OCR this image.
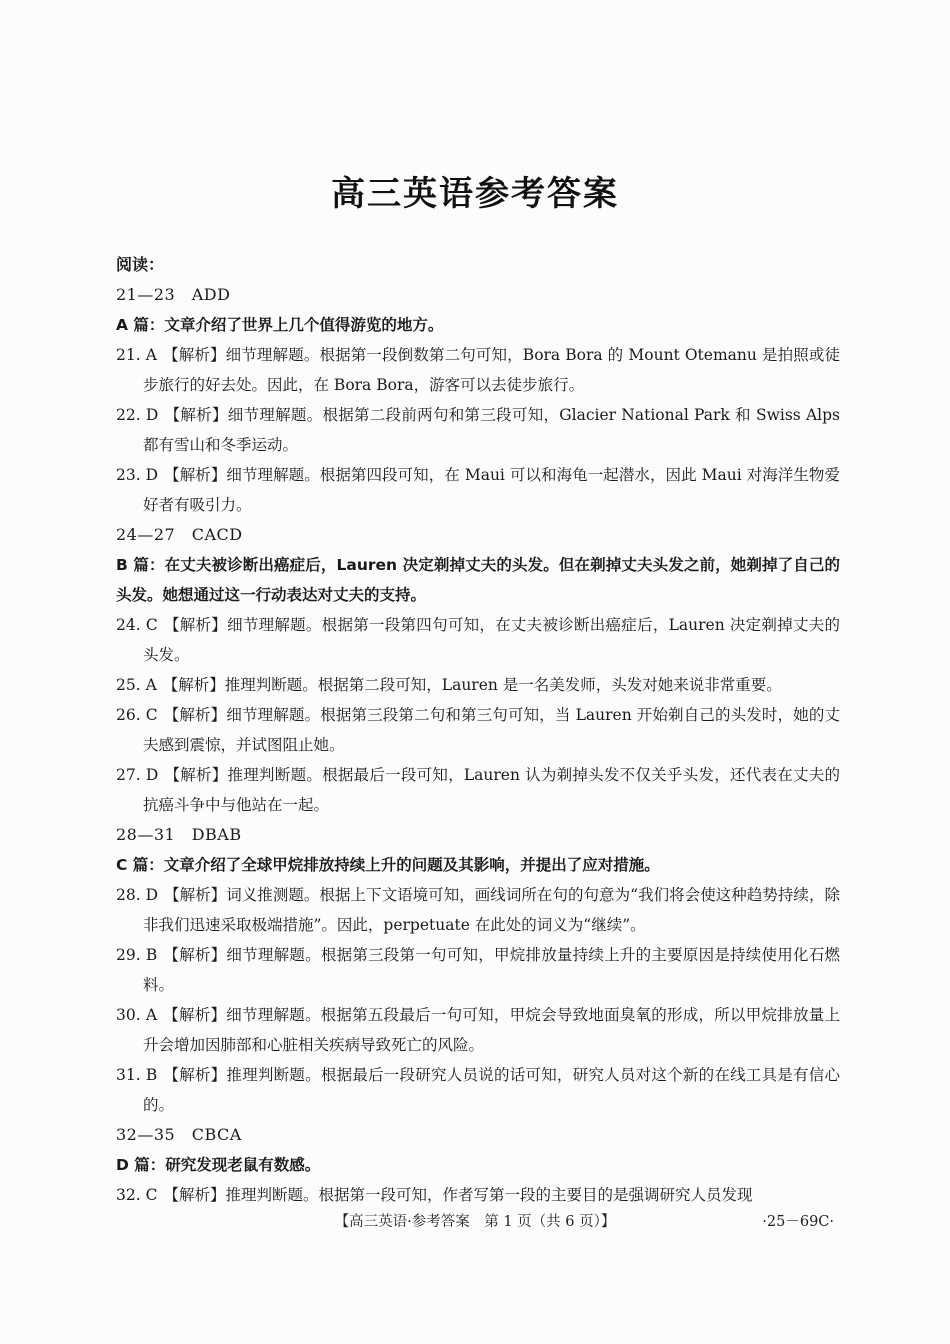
高三英语参考答案

阅读：

21—23　ADD

A 篇：文章介绍了世界上几个值得游览的地方。

21. A 【解析】细节理解题。根据第一段倒数第二句可知，Bora Bora 的 Mount Otemanu 是拍照或徒步旅行的好去处。因此，在 Bora Bora，游客可以去徒步旅行。

22. D 【解析】细节理解题。根据第二段前两句和第三段可知，Glacier National Park 和 Swiss Alps 都有雪山和冬季运动。

23. D 【解析】细节理解题。根据第四段可知，在 Maui 可以和海龟一起潜水，因此 Maui 对海洋生物爱好者有吸引力。

24—27　CACD

B 篇：在丈夫被诊断出癌症后，Lauren 决定剃掉丈夫的头发。但在剃掉丈夫头发之前，她剃掉了自己的头发。她想通过这一行动表达对丈夫的支持。

24. C 【解析】细节理解题。根据第一段第四句可知，在丈夫被诊断出癌症后，Lauren 决定剃掉丈夫的头发。

25. A 【解析】推理判断题。根据第二段可知，Lauren 是一名美发师，头发对她来说非常重要。

26. C 【解析】细节理解题。根据第三段第二句和第三句可知，当 Lauren 开始剃自己的头发时，她的丈夫感到震惊，并试图阻止她。

27. D 【解析】推理判断题。根据最后一段可知，Lauren 认为剃掉头发不仅关乎头发，还代表在丈夫的抗癌斗争中与他站在一起。

28—31　DBAB

C 篇：文章介绍了全球甲烷排放持续上升的问题及其影响，并提出了应对措施。

28. D 【解析】词义推测题。根据上下文语境可知，画线词所在句的句意为“我们将会使这种趋势持续，除非我们迅速采取极端措施”。因此，perpetuate 在此处的词义为“继续”。

29. B 【解析】细节理解题。根据第三段第一句可知，甲烷排放量持续上升的主要原因是持续使用化石燃料。

30. A 【解析】细节理解题。根据第五段最后一句可知，甲烷会导致地面臭氧的形成，所以甲烷排放量上升会增加因肺部和心脏相关疾病导致死亡的风险。

31. B 【解析】推理判断题。根据最后一段研究人员说的话可知，研究人员对这个新的在线工具是有信心的。

32—35　CBCA

D 篇：研究发现老鼠有数感。

32. C 【解析】推理判断题。根据第一段可知，作者写第一段的主要目的是强调研究人员发现

【高三英语·参考答案　第 1 页（共 6 页）】	·25－69C·
